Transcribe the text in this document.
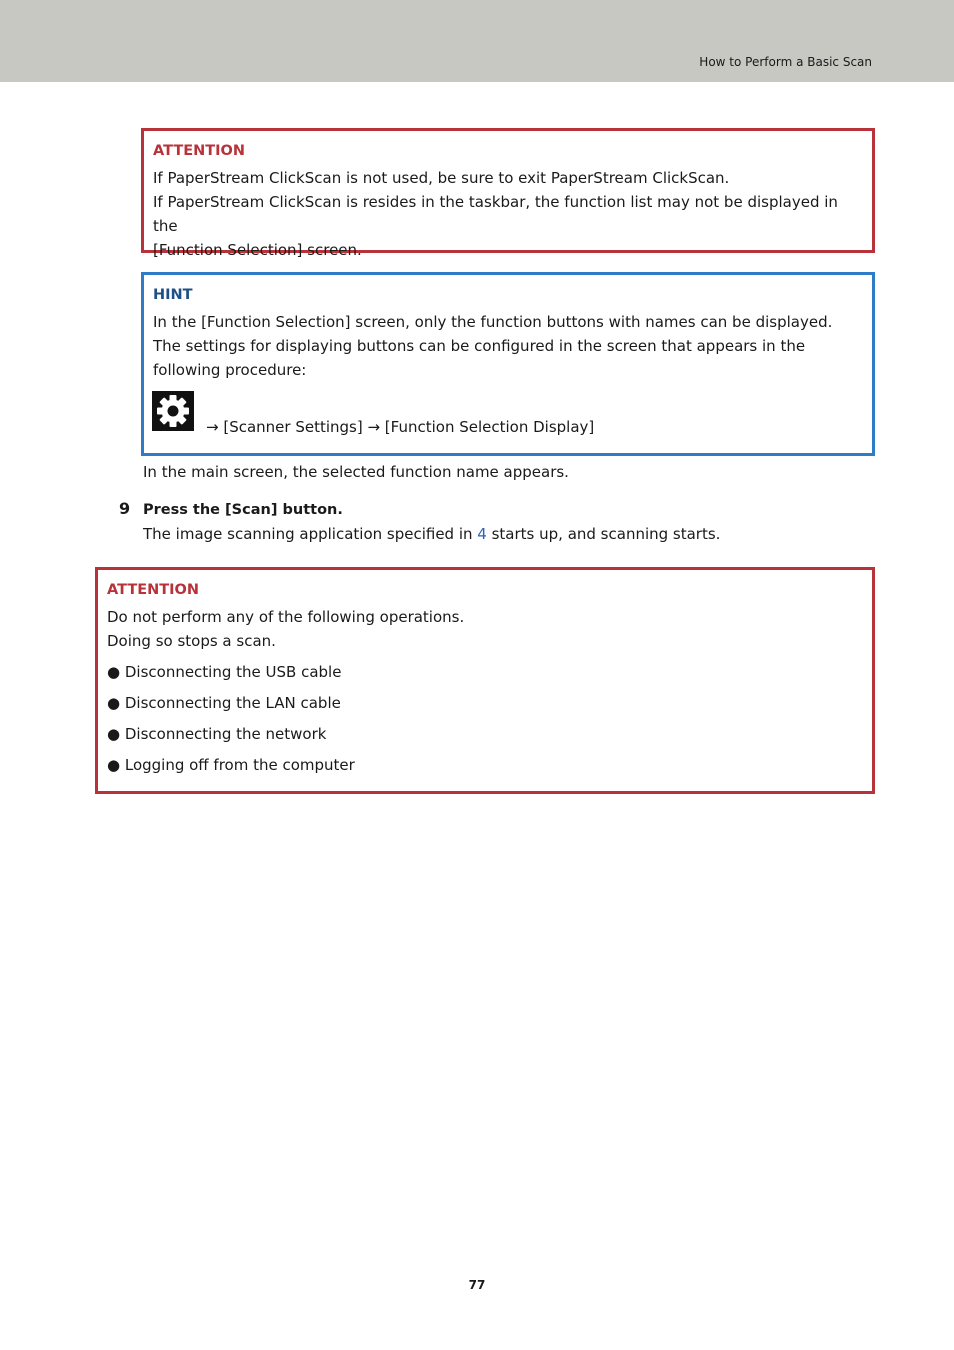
How to Perform a Basic Scan
ATTENTION
If PaperStream ClickScan is not used, be sure to exit PaperStream ClickScan.
If PaperStream ClickScan is resides in the taskbar, the function list may not be displayed in the
[Function Selection] screen.
HINT
In the [Function Selection] screen, only the function buttons with names can be displayed.
The settings for displaying buttons can be configured in the screen that appears in the
following procedure:
→ [Scanner Settings] → [Function Selection Display]
In the main screen, the selected function name appears.
9 Press the [Scan] button.
The image scanning application specified in 4 starts up, and scanning starts.
ATTENTION
Do not perform any of the following operations.
Doing so stops a scan.
● Disconnecting the USB cable
● Disconnecting the LAN cable
● Disconnecting the network
● Logging off from the computer
77
